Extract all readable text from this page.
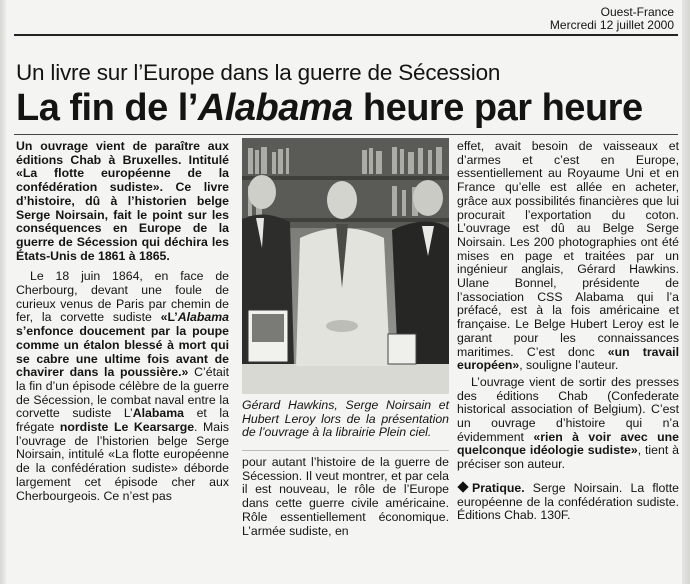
Ouest-France
Mercredi 12 juillet 2000
Un livre sur l’Europe dans la guerre de Sécession
La fin de l’Alabama heure par heure

Un ouvrage vient de paraître aux éditions Chab à Bruxelles. Intitulé «La flotte européenne de la confédération sudiste». Ce livre d’histoire, dû à l’historien belge Serge Noirsain, fait le point sur les conséquences en Europe de la guerre de Sécession qui déchira les États-Unis de 1861 à 1865.

Le 18 juin 1864, en face de Cherbourg, devant une foule de curieux venus de Paris par chemin de fer, la corvette sudiste «L’Alabama s’enfonce doucement par la poupe comme un étalon blessé à mort qui se cabre une ultime fois avant de chavirer dans la poussière.» C’était la fin d’un épisode célèbre de la guerre de Sécession, le combat naval entre la corvette sudiste L’Alabama et la frégate nordiste Le Kearsarge. Mais l’ouvrage de l’historien belge Serge Noirsain, intitulé «La flotte européenne de la confédération sudiste» déborde largement cet épisode cher aux Cherbourgeois. Ce n’est pas

Gérard Hawkins, Serge Noirsain et Hubert Leroy lors de la présentation de l’ouvrage à la librairie Plein ciel.

pour autant l’histoire de la guerre de Sécession. Il veut montrer, et par cela il est nouveau, le rôle de l’Europe dans cette guerre civile américaine. Rôle essentiellement économique. L’armée sudiste, en

effet, avait besoin de vaisseaux et d’armes et c’est en Europe, essentiellement au Royaume Uni et en France qu’elle est allée en acheter, grâce aux possibilités financières que lui procurait l’exportation du coton. L’ouvrage est dû au Belge Serge Noirsain. Les 200 photographies ont été mises en page et traitées par un ingénieur anglais, Gérard Hawkins. Ulane Bonnel, présidente de l’association CSS Alabama qui l’a préfacé, est à la fois américaine et française. Le Belge Hubert Leroy est le garant pour les connaissances maritimes. C’est donc «un travail européen», souligne l’auteur.

L’ouvrage vient de sortir des presses des éditions Chab (Confederate historical association of Belgium). C’est un ouvrage d’histoire qui n’a évidemment «rien à voir avec une quelconque idéologie sudiste», tient à préciser son auteur.

Pratique. Serge Noirsain. La flotte européenne de la confédération sudiste. Éditions Chab. 130F.
